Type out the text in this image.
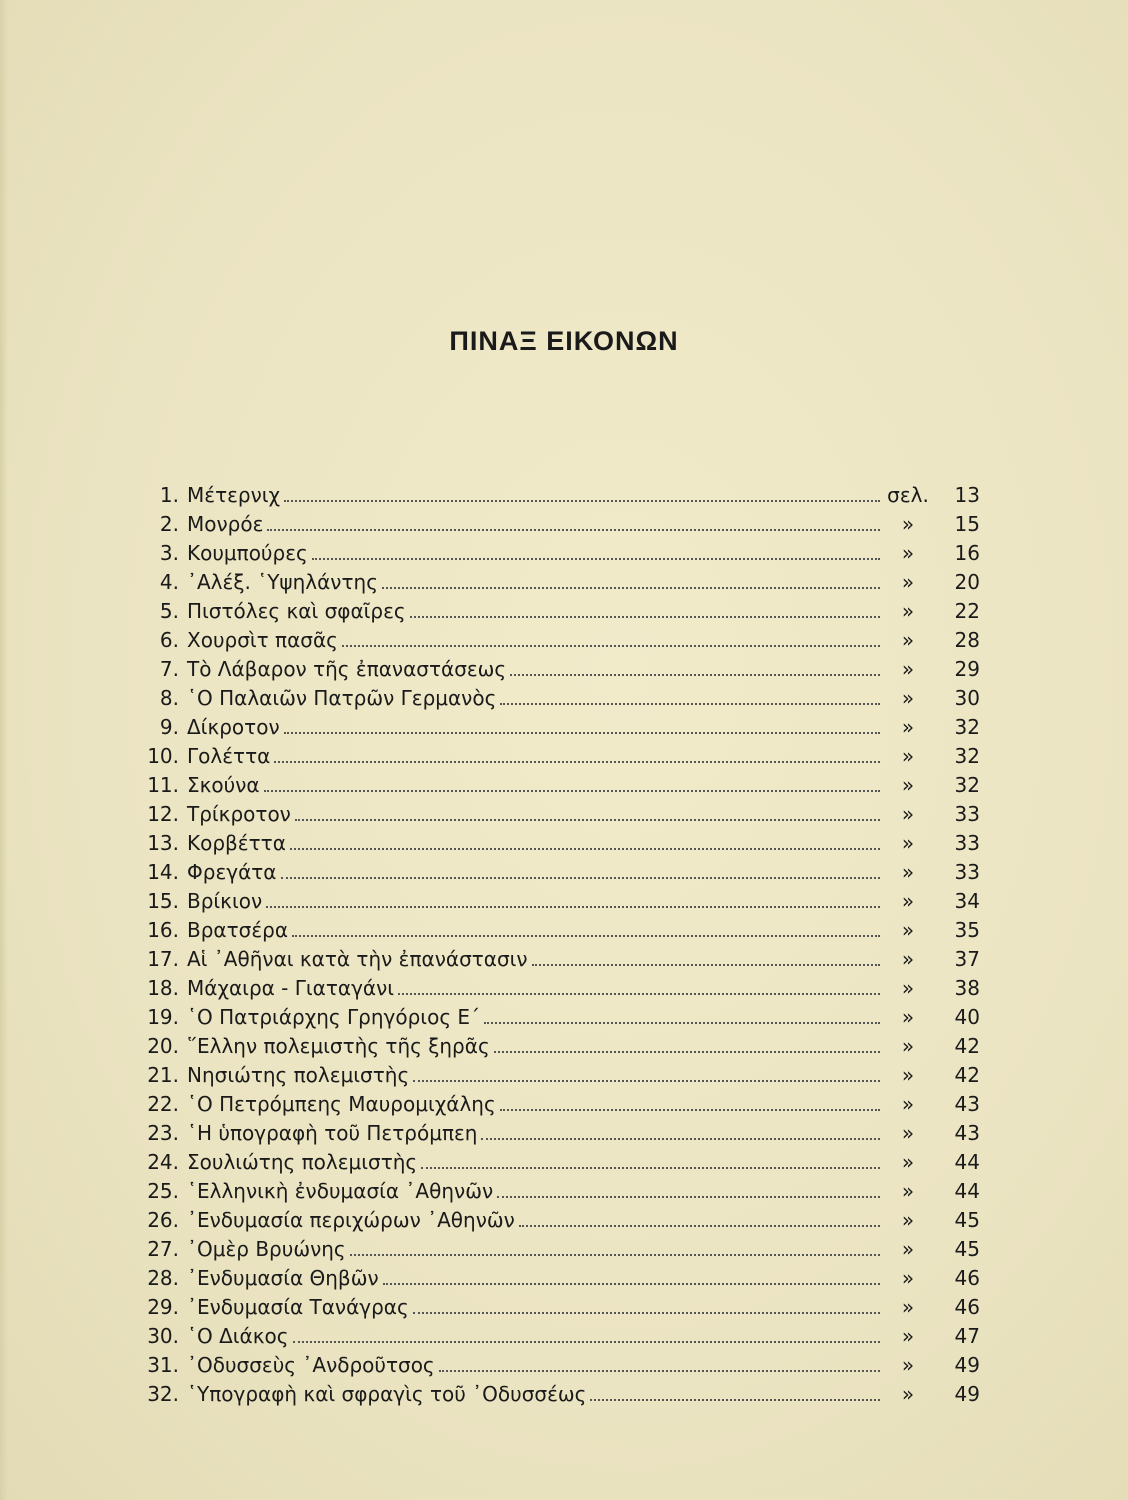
ΠΙΝΑΞ ΕΙΚΟΝΩΝ
1. Μέτερνιχ	σελ.	13
2. Μονρόε	»	15
3. Κουμπούρες	»	16
4. ᾿Αλέξ. ῾Υψηλάντης	»	20
5. Πιστόλες καὶ σφαῖρες	»	22
6. Χουρσὶτ πασᾶς	»	28
7. Τὸ Λάβαρον τῆς ἐπαναστάσεως	»	29
8. ῾Ο Παλαιῶν Πατρῶν Γερμανὸς	»	30
9. Δίκροτον	»	32
10. Γολέττα	»	32
11. Σκούνα	»	32
12. Τρίκροτον	»	33
13. Κορβέττα	»	33
14. Φρεγάτα	»	33
15. Βρίκιον	»	34
16. Βρατσέρα	»	35
17. Αἱ ᾿Αθῆναι κατὰ τὴν ἐπανάστασιν	»	37
18. Μάχαιρα - Γιαταγάνι	»	38
19. ῾Ο Πατριάρχης Γρηγόριος Ε΄	»	40
20. ῞Ελλην πολεμιστὴς τῆς ξηρᾶς	»	42
21. Νησιώτης πολεμιστὴς	»	42
22. ῾Ο Πετρόμπεης Μαυρομιχάλης	»	43
23. ῾Η ὑπογραφὴ τοῦ Πετρόμπεη	»	43
24. Σουλιώτης πολεμιστὴς	»	44
25. ῾Ελληνικὴ ἐνδυμασία ᾿Αθηνῶν	»	44
26. ᾿Ενδυμασία περιχώρων ᾿Αθηνῶν	»	45
27. ᾿Ομὲρ Βρυώνης	»	45
28. ᾿Ενδυμασία Θηβῶν	»	46
29. ᾿Ενδυμασία Τανάγρας	»	46
30. ῾Ο Διάκος	»	47
31. ᾿Οδυσσεὺς ᾿Ανδροῦτσος	»	49
32. ῾Υπογραφὴ καὶ σφραγὶς τοῦ ᾿Οδυσσέως	»	49
